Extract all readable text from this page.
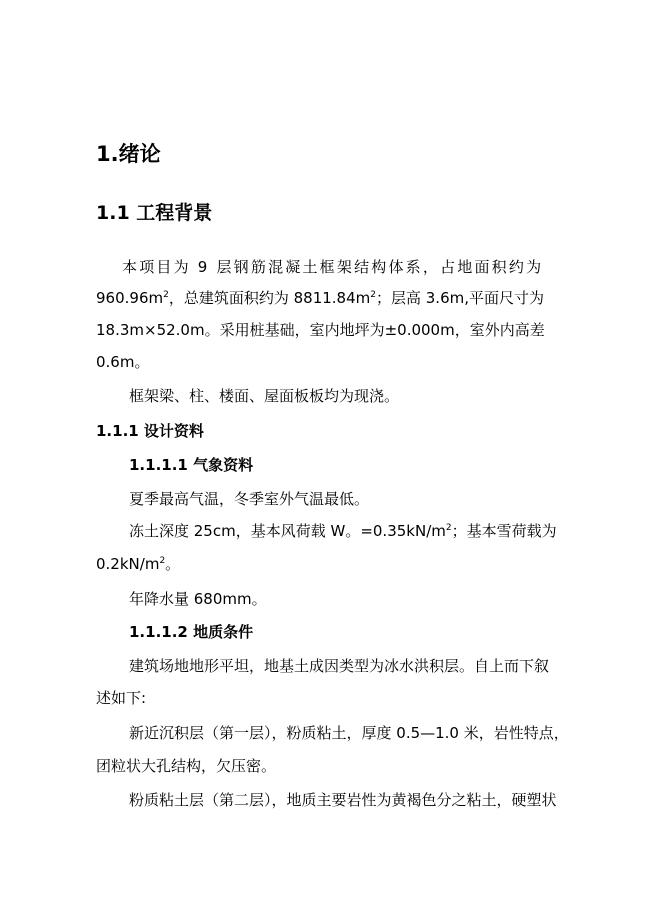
1.绪论
1.1 工程背景
本项目为 9 层钢筋混凝土框架结构体系，占地面积约为
$960.96m^2$，总建筑面积约为 $8811.84m^2$；层高 3.6m,平面尺寸为
18.3m×52.0m。采用桩基础，室内地坪为±0.000m，室外内高差
0.6m。
框架梁、柱、楼面、屋面板板均为现浇。
1.1.1 设计资料
1.1.1.1 气象资料
夏季最高气温，冬季室外气温最低。
冻土深度 25cm，基本风荷载 W。$=0.35kN/m^2$；基本雪荷载为
$0.2kN/m^2$。
年降水量 680mm。
1.1.1.2 地质条件
建筑场地地形平坦，地基土成因类型为冰水洪积层。自上而下叙
述如下:
新近沉积层（第一层），粉质粘土，厚度 0.5—1.0 米，岩性特点，
团粒状大孔结构，欠压密。
粉质粘土层（第二层），地质主要岩性为黄褐色分之粘土，硬塑状
